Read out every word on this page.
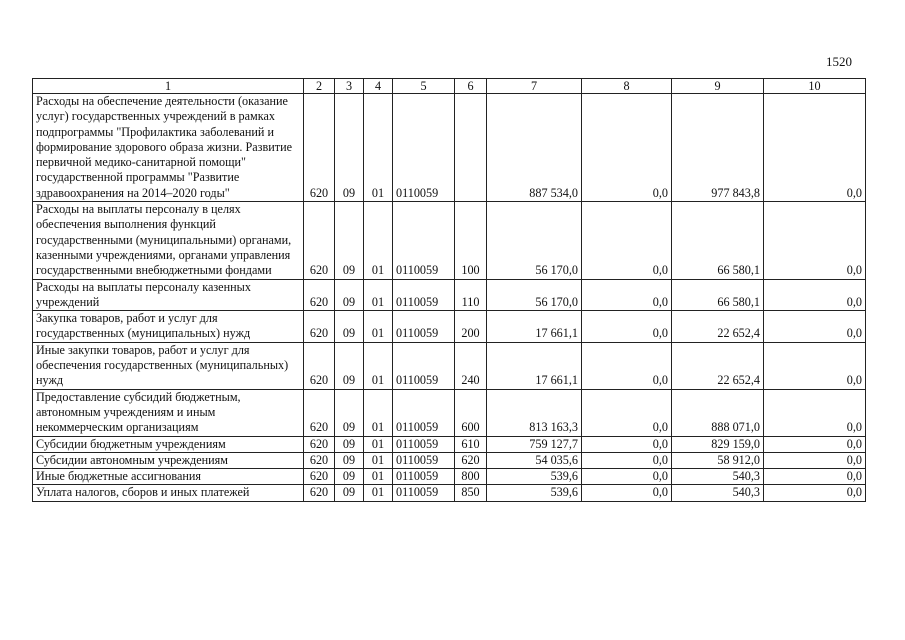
1520
1	2	3	4	5	6	7	8	9	10
Расходы на обеспечение деятельности (оказание услуг) государственных учреждений в рамках подпрограммы "Профилактика заболеваний и формирование здорового образа жизни. Развитие первичной медико-санитарной помощи" государственной программы "Развитие здравоохранения на 2014–2020 годы"	620	09	01	0110059		887 534,0	0,0	977 843,8	0,0
Расходы на выплаты персоналу в целях обеспечения выполнения функций государственными (муниципальными) органами, казенными учреждениями, органами управления государственными внебюджетными фондами	620	09	01	0110059	100	56 170,0	0,0	66 580,1	0,0
Расходы на выплаты персоналу казенных учреждений	620	09	01	0110059	110	56 170,0	0,0	66 580,1	0,0
Закупка товаров, работ и услуг для государственных (муниципальных) нужд	620	09	01	0110059	200	17 661,1	0,0	22 652,4	0,0
Иные закупки товаров, работ и услуг для обеспечения государственных (муниципальных) нужд	620	09	01	0110059	240	17 661,1	0,0	22 652,4	0,0
Предоставление субсидий бюджетным, автономным учреждениям и иным некоммерческим организациям	620	09	01	0110059	600	813 163,3	0,0	888 071,0	0,0
Субсидии бюджетным учреждениям	620	09	01	0110059	610	759 127,7	0,0	829 159,0	0,0
Субсидии автономным учреждениям	620	09	01	0110059	620	54 035,6	0,0	58 912,0	0,0
Иные бюджетные ассигнования	620	09	01	0110059	800	539,6	0,0	540,3	0,0
Уплата налогов, сборов и иных платежей	620	09	01	0110059	850	539,6	0,0	540,3	0,0
